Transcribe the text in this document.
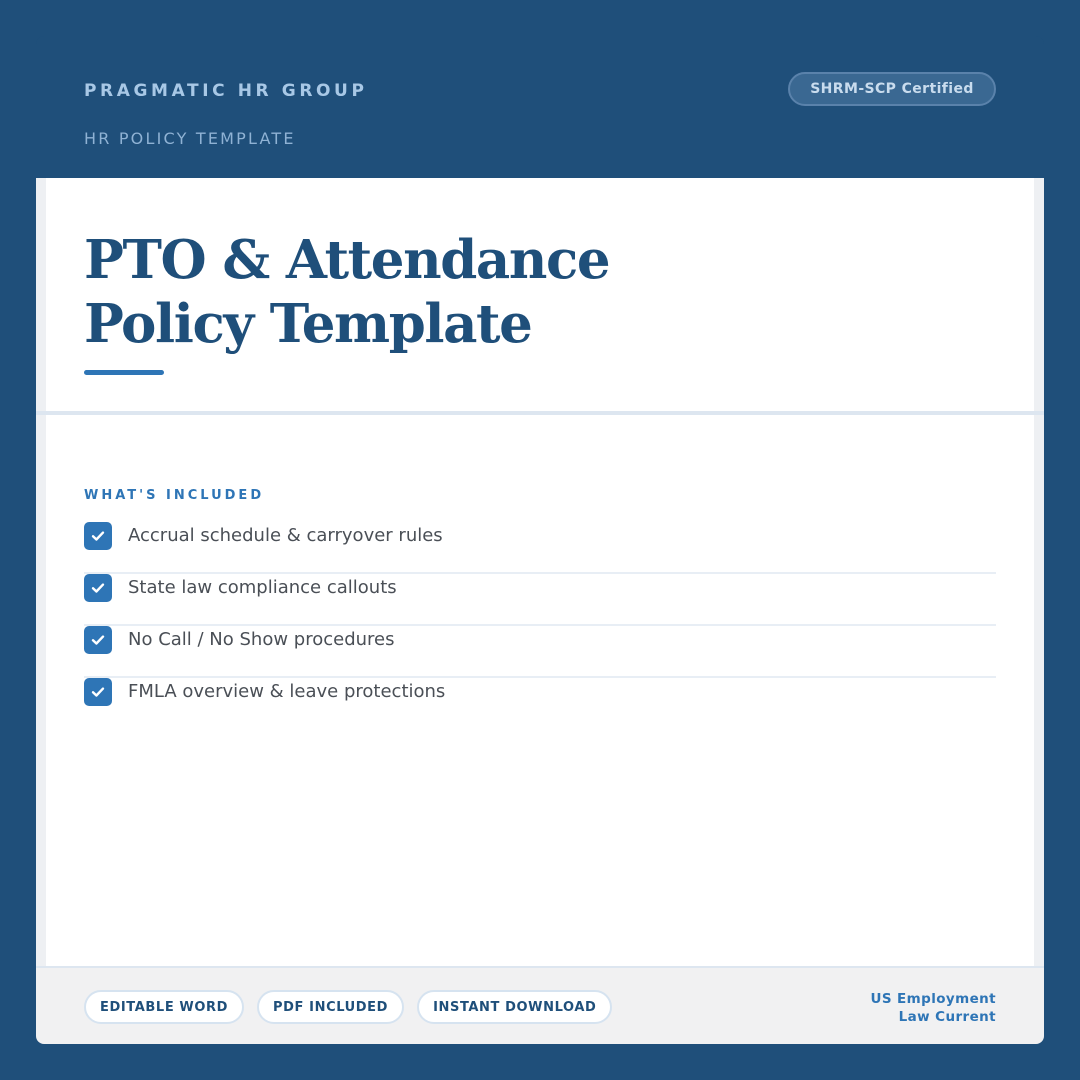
PRAGMATIC HR GROUP
HR POLICY TEMPLATE
SHRM-SCP Certified
PTO & Attendance
Policy Template
WHAT'S INCLUDED
Accrual schedule & carryover rules
State law compliance callouts
No Call / No Show procedures
FMLA overview & leave protections
EDITABLE WORD	PDF INCLUDED	INSTANT DOWNLOAD	US Employment
Law Current
